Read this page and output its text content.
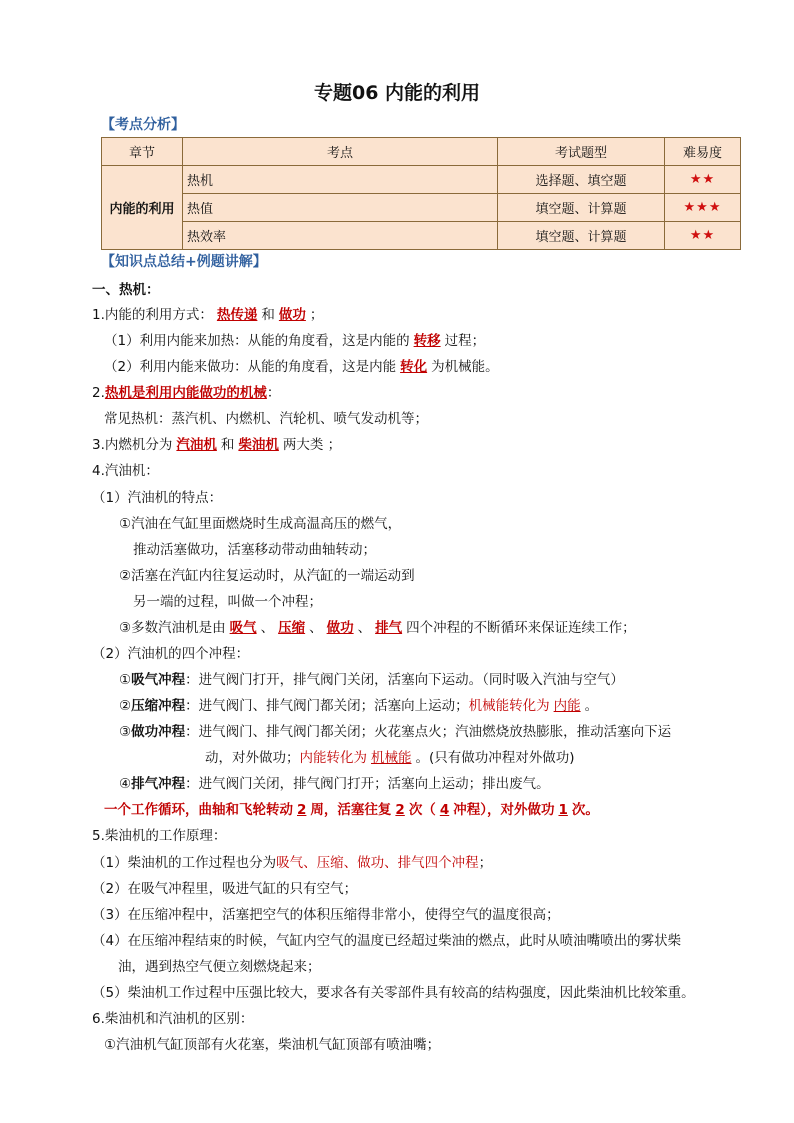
专题06 内能的利用
【考点分析】
章节	考点	考试题型	难易度
内能的利用	热机	选择题、填空题	★★
	热值	填空题、计算题	★★★
	热效率	填空题、计算题	★★
【知识点总结+例题讲解】
一、热机：
1.内能的利用方式： 热传递 和 做功 ；
（1）利用内能来加热：从能的角度看，这是内能的 转移 过程；
（2）利用内能来做功：从能的角度看，这是内能 转化 为机械能。
2.热机是利用内能做功的机械：
常见热机：蒸汽机、内燃机、汽轮机、喷气发动机等；
3.内燃机分为 汽油机 和 柴油机 两大类 ；
4.汽油机：
（1）汽油机的特点：
①汽油在气缸里面燃烧时生成高温高压的燃气，
推动活塞做功，活塞移动带动曲轴转动；
②活塞在汽缸内往复运动时，从汽缸的一端运动到
另一端的过程，叫做一个冲程；
③多数汽油机是由 吸气 、 压缩 、 做功 、 排气 四个冲程的不断循环来保证连续工作；
（2）汽油机的四个冲程：
①吸气冲程：进气阀门打开，排气阀门关闭，活塞向下运动。（同时吸入汽油与空气）
②压缩冲程：进气阀门、排气阀门都关闭；活塞向上运动；机械能转化为 内能 。
③做功冲程：进气阀门、排气阀门都关闭；火花塞点火；汽油燃烧放热膨胀，推动活塞向下运
动，对外做功；内能转化为 机械能 。(只有做功冲程对外做功)
④排气冲程：进气阀门关闭，排气阀门打开；活塞向上运动；排出废气。
一个工作循环，曲轴和飞轮转动 2 周，活塞往复 2 次（ 4 冲程），对外做功 1 次。
5.柴油机的工作原理：
（1）柴油机的工作过程也分为吸气、压缩、做功、排气四个冲程；
（2）在吸气冲程里，吸进气缸的只有空气；
（3）在压缩冲程中，活塞把空气的体积压缩得非常小，使得空气的温度很高；
（4）在压缩冲程结束的时候，气缸内空气的温度已经超过柴油的燃点，此时从喷油嘴喷出的雾状柴
油，遇到热空气便立刻燃烧起来；
（5）柴油机工作过程中压强比较大，要求各有关零部件具有较高的结构强度，因此柴油机比较笨重。
6.柴油机和汽油机的区别：
①汽油机气缸顶部有火花塞，柴油机气缸顶部有喷油嘴；
